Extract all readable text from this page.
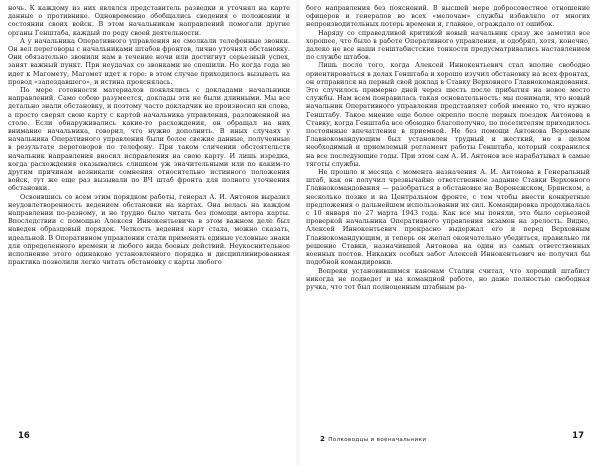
ночь. К каждому из них являлся представитель разведки и уточнял на карте данные о противнике. Одновременно обобщались сведения о положении и состоянии своих войск. В этом начальникам направлений помогали другие органы Генштаба, каждый по роду своей деятельности.

А у начальника Оперативного управления не смолкали телефонные звонки. Он вел переговоры с начальниками штабов фронтов, лично уточнял обстановку. Они обязательно звонили нам в течение ночи или достигнут серьезный успех, занят важный пункт. При неудачах со звонками не спешили. Но когда года не идет к Магомету, Магомет идет к горе: в этом случае приходилось вызывать на провод «запоздавшего», и истина прояснялась.

По мере готовности материалов появлялись с докладами начальники направлений. Само собою разумеется, доклады эти не были длинными. Мы все детально знали обстановку, и поэтому часто докладчик не произносил ни слова, а просто сверял свою карту с картой начальника управления, разложенной на столе. Если обнаруживались какие-то расхождения, он обращал на них внимание начальника, говорил, что нужно дополнить. В иных случаях у начальника Оперативного управления были более свежие данные, полученные в результате переговоров по телефону. При таком сличении обстоятельств начальник направления вносил исправления на свою карту. И лишь изредка, когда расхождения оказывались слишком уж значительными или по каким-то другим причинам возникали сомнения относительно истинного положения войск, тут же еще раз вызывали по ВЧ штаб фронта для полного уточнения обстановки.

Освоившись со всем этим порядком работы, генерал А. И. Антонов выразил неудовлетворенность ведением обстановки на картах. Она велась на каждом направлении по-разному, и не трудно было читать без помощи автора карты. Впоследствии с помощью Алексея Иннокентьевича в этом важном деле был наведен образцовый порядок. Четкость ведения карт стала, можно сказать, идеальной. В Оперативном управлении стали применять единые условные знаки для определенного времени и любого вида боевых действий. Неукоснительное исполнение этого одинаково установленного порядка и дисциплинированная практика позволили легко читать обстановку с карты любого

16

бого направления без пояснений. В высшей мере добросовестное отношение офицеров и генералов во всех «мелочам» службы избавляло от многих непроизводительных потерь времени и, главное, ограждало от ошибок.

Наряду со справедливой критикой новый начальник сразу же заметил все хорошее, что было в работе Оперативного управления, и одобрял, хотя, конечно, далеко не все наши генштабистские тонкости предусматривались наставлением по службе штабов.

Лишь после того, когда Алексей Иннокентьевич стал вполне свободно ориентироваться в делах Генштаба и хорошо изучил обстановку на всех фронтах, он отправился на первый свой доклад в Ставку Верховного Главнокомандования. Это случилось примерно дней через шесть после прибытия на новое место службы. Нам всем понравилась такая основательность: мы понимали, что новый начальник Оперативного управления представляет собой именно то, что нужно Генштабу. Такое мнение еще более окрепло после первых поездок Антонова в Ставку, когда Генштаба все обоюдно благополучно, по посетителям приходилось постоянные впечатления в приемной. Не без помощи Антонова Верховным Главнокомандующим был установлен трудный и жесткий, но в целом необходимый и приемлемый регламент работы Генштаба, который сохранился на все последующие годы. При этом сам А. И. Антонов все нарабатывал в самые тяготы службы.

Не прошло и месяца с момента назначения А. И. Антонова в Генеральный штаб, как он получил чрезвычайно ответственное задание Ставки Верховного Главнокомандования — разобраться в обстановке на Воронежском, Брянском, а несколько позже и на Центральном фронте, с тем чтобы внести конкретные предложения о дальнейшем использовании их сил. Командировка продолжалась с 10 января по 27 марта 1943 года. Как все мы поняли, это было серьезной проверкой начальника Оперативного управления экзамен на зрелость. Видно, Алексей Иннокентьевич прекрасно выдержал его и перед Верховным Главнокомандующим, и теперь он желал окончательно убедиться, правильно ли решение Ставки, назначившей Антонова на один из самых ответственных военных постов. Никаких особых забот Алексей Иннокентьевич не получил бы подобной командировки.

Вопреки установившимся канонам Сталин считал, что хороший штабист никогда не подведет и на командной работе, но даже полностью свободная ручка, что тот был полноценным штабным ра-

2 Полководцы и военачальники	17
